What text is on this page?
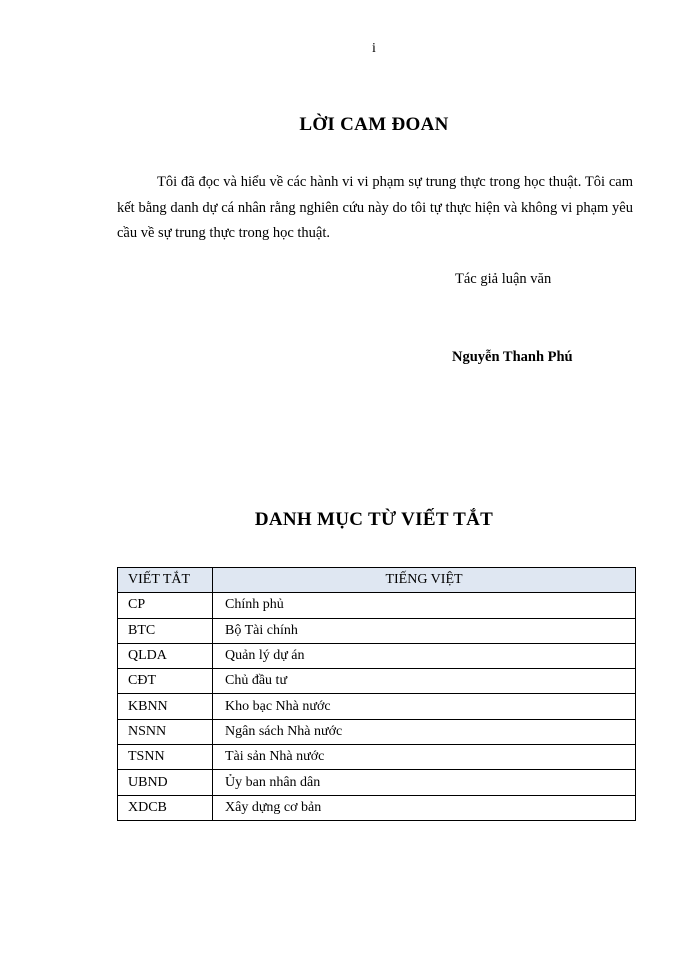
i
LỜI CAM ĐOAN
Tôi đã đọc và hiểu về các hành vi vi phạm sự trung thực trong học thuật. Tôi cam kết bằng danh dự cá nhân rằng nghiên cứu này do tôi tự thực hiện và không vi phạm yêu cầu về sự trung thực trong học thuật.
Tác giả luận văn
Nguyễn Thanh Phú
DANH MỤC TỪ VIẾT TẮT
VIẾT TẮT	TIẾNG VIỆT
CP	Chính phủ
BTC	Bộ Tài chính
QLDA	Quản lý dự án
CĐT	Chủ đầu tư
KBNN	Kho bạc Nhà nước
NSNN	Ngân sách Nhà nước
TSNN	Tài sản Nhà nước
UBND	Ủy ban nhân dân
XDCB	Xây dựng cơ bản
